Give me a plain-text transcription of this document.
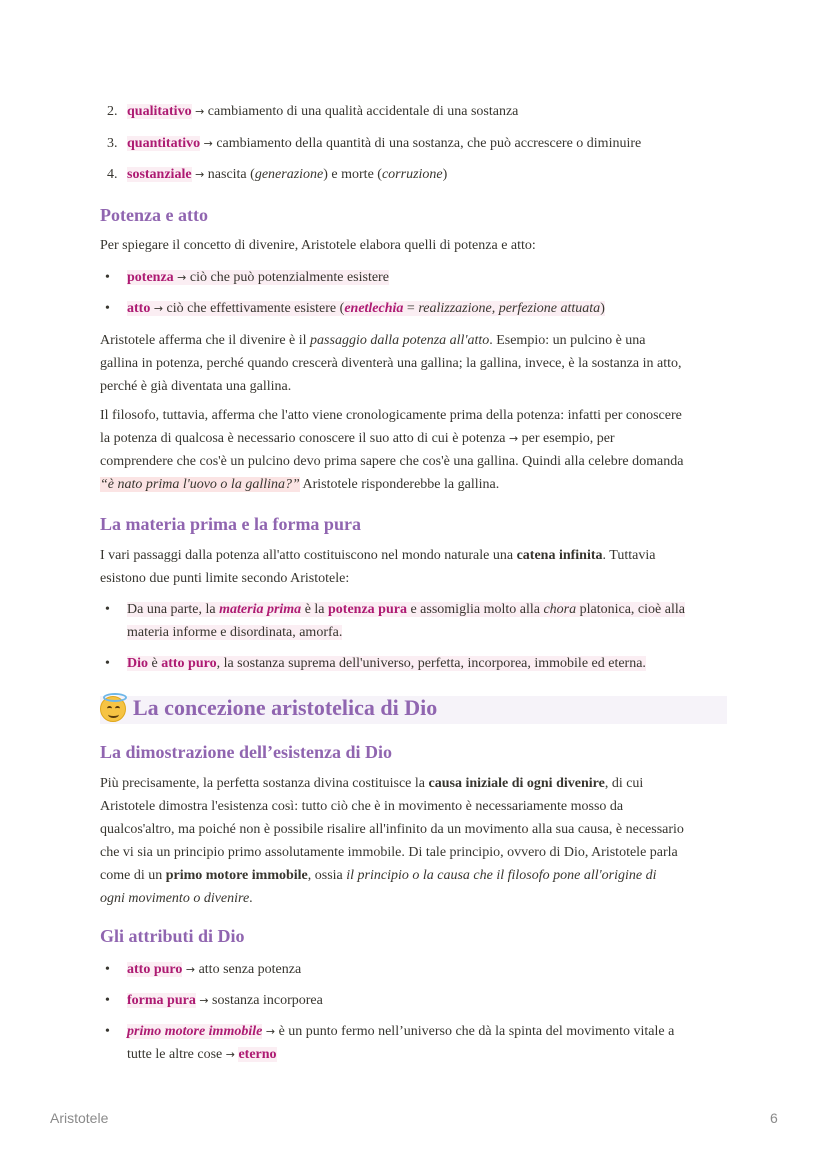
2. qualitativo → cambiamento di una qualità accidentale di una sostanza
3. quantitativo → cambiamento della quantità di una sostanza, che può accrescere o diminuire
4. sostanziale → nascita (generazione) e morte (corruzione)
Potenza e atto

Per spiegare il concetto di divenire, Aristotele elabora quelli di potenza e atto:

• potenza → ciò che può potenzialmente esistere
• atto → ciò che effettivamente esistere (enetlechia = realizzazione, perfezione attuata)

Aristotele afferma che il divenire è il passaggio dalla potenza all'atto. Esempio: un pulcino è una
gallina in potenza, perché quando crescerà diventerà una gallina; la gallina, invece, è la sostanza in atto,
perché è già diventata una gallina.

Il filosofo, tuttavia, afferma che l'atto viene cronologicamente prima della potenza: infatti per conoscere
la potenza di qualcosa è necessario conoscere il suo atto di cui è potenza → per esempio, per
comprendere che cos'è un pulcino devo prima sapere che cos'è una gallina. Quindi alla celebre domanda
“è nato prima l'uovo o la gallina?” Aristotele risponderebbe la gallina.

La materia prima e la forma pura

I vari passaggi dalla potenza all'atto costituiscono nel mondo naturale una catena infinita. Tuttavia
esistono due punti limite secondo Aristotele:

• Da una parte, la materia prima è la potenza pura e assomiglia molto alla chora platonica, cioè alla
materia informe e disordinata, amorfa.
• Dio è atto puro, la sostanza suprema dell'universo, perfetta, incorporea, immobile ed eterna.
La concezione aristotelica di Dio
La dimostrazione dell’esistenza di Dio

Più precisamente, la perfetta sostanza divina costituisce la causa iniziale di ogni divenire, di cui
Aristotele dimostra l'esistenza così: tutto ciò che è in movimento è necessariamente mosso da
qualcos'altro, ma poiché non è possibile risalire all'infinito da un movimento alla sua causa, è necessario
che vi sia un principio primo assolutamente immobile. Di tale principio, ovvero di Dio, Aristotele parla
come di un primo motore immobile, ossia il principio o la causa che il filosofo pone all'origine di
ogni movimento o divenire.

Gli attributi di Dio
• atto puro → atto senza potenza
• forma pura → sostanza incorporea
• primo motore immobile → è un punto fermo nell’universo che dà la spinta del movimento vitale a
tutte le altre cose → eterno
Aristotele	6
